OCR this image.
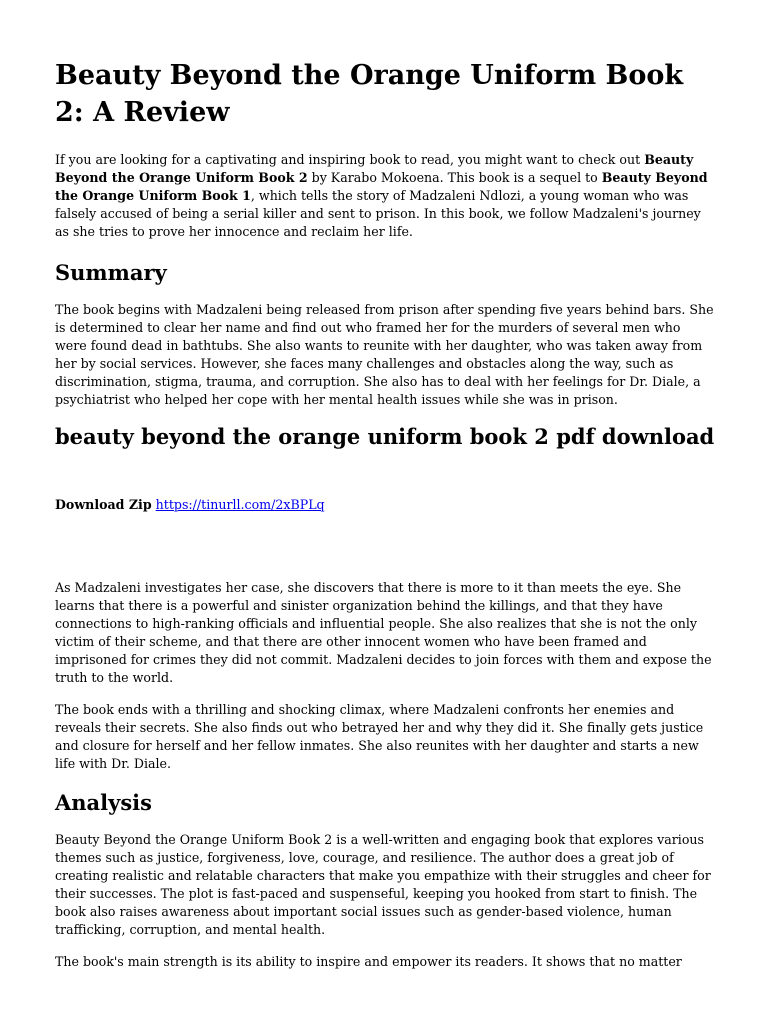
Beauty Beyond the Orange Uniform Book 2: A Review

If you are looking for a captivating and inspiring book to read, you might want to check out Beauty Beyond the Orange Uniform Book 2 by Karabo Mokoena. This book is a sequel to Beauty Beyond the Orange Uniform Book 1, which tells the story of Madzaleni Ndlozi, a young woman who was falsely accused of being a serial killer and sent to prison. In this book, we follow Madzaleni's journey as she tries to prove her innocence and reclaim her life.

Summary

The book begins with Madzaleni being released from prison after spending five years behind bars. She is determined to clear her name and find out who framed her for the murders of several men who were found dead in bathtubs. She also wants to reunite with her daughter, who was taken away from her by social services. However, she faces many challenges and obstacles along the way, such as discrimination, stigma, trauma, and corruption. She also has to deal with her feelings for Dr. Diale, a psychiatrist who helped her cope with her mental health issues while she was in prison.

beauty beyond the orange uniform book 2 pdf download

Download Zip https://tinurll.com/2xBPLq

As Madzaleni investigates her case, she discovers that there is more to it than meets the eye. She learns that there is a powerful and sinister organization behind the killings, and that they have connections to high-ranking officials and influential people. She also realizes that she is not the only victim of their scheme, and that there are other innocent women who have been framed and imprisoned for crimes they did not commit. Madzaleni decides to join forces with them and expose the truth to the world.

The book ends with a thrilling and shocking climax, where Madzaleni confronts her enemies and reveals their secrets. She also finds out who betrayed her and why they did it. She finally gets justice and closure for herself and her fellow inmates. She also reunites with her daughter and starts a new life with Dr. Diale.

Analysis

Beauty Beyond the Orange Uniform Book 2 is a well-written and engaging book that explores various themes such as justice, forgiveness, love, courage, and resilience. The author does a great job of creating realistic and relatable characters that make you empathize with their struggles and cheer for their successes. The plot is fast-paced and suspenseful, keeping you hooked from start to finish. The book also raises awareness about important social issues such as gender-based violence, human trafficking, corruption, and mental health.

The book's main strength is its ability to inspire and empower its readers. It shows that no matter
